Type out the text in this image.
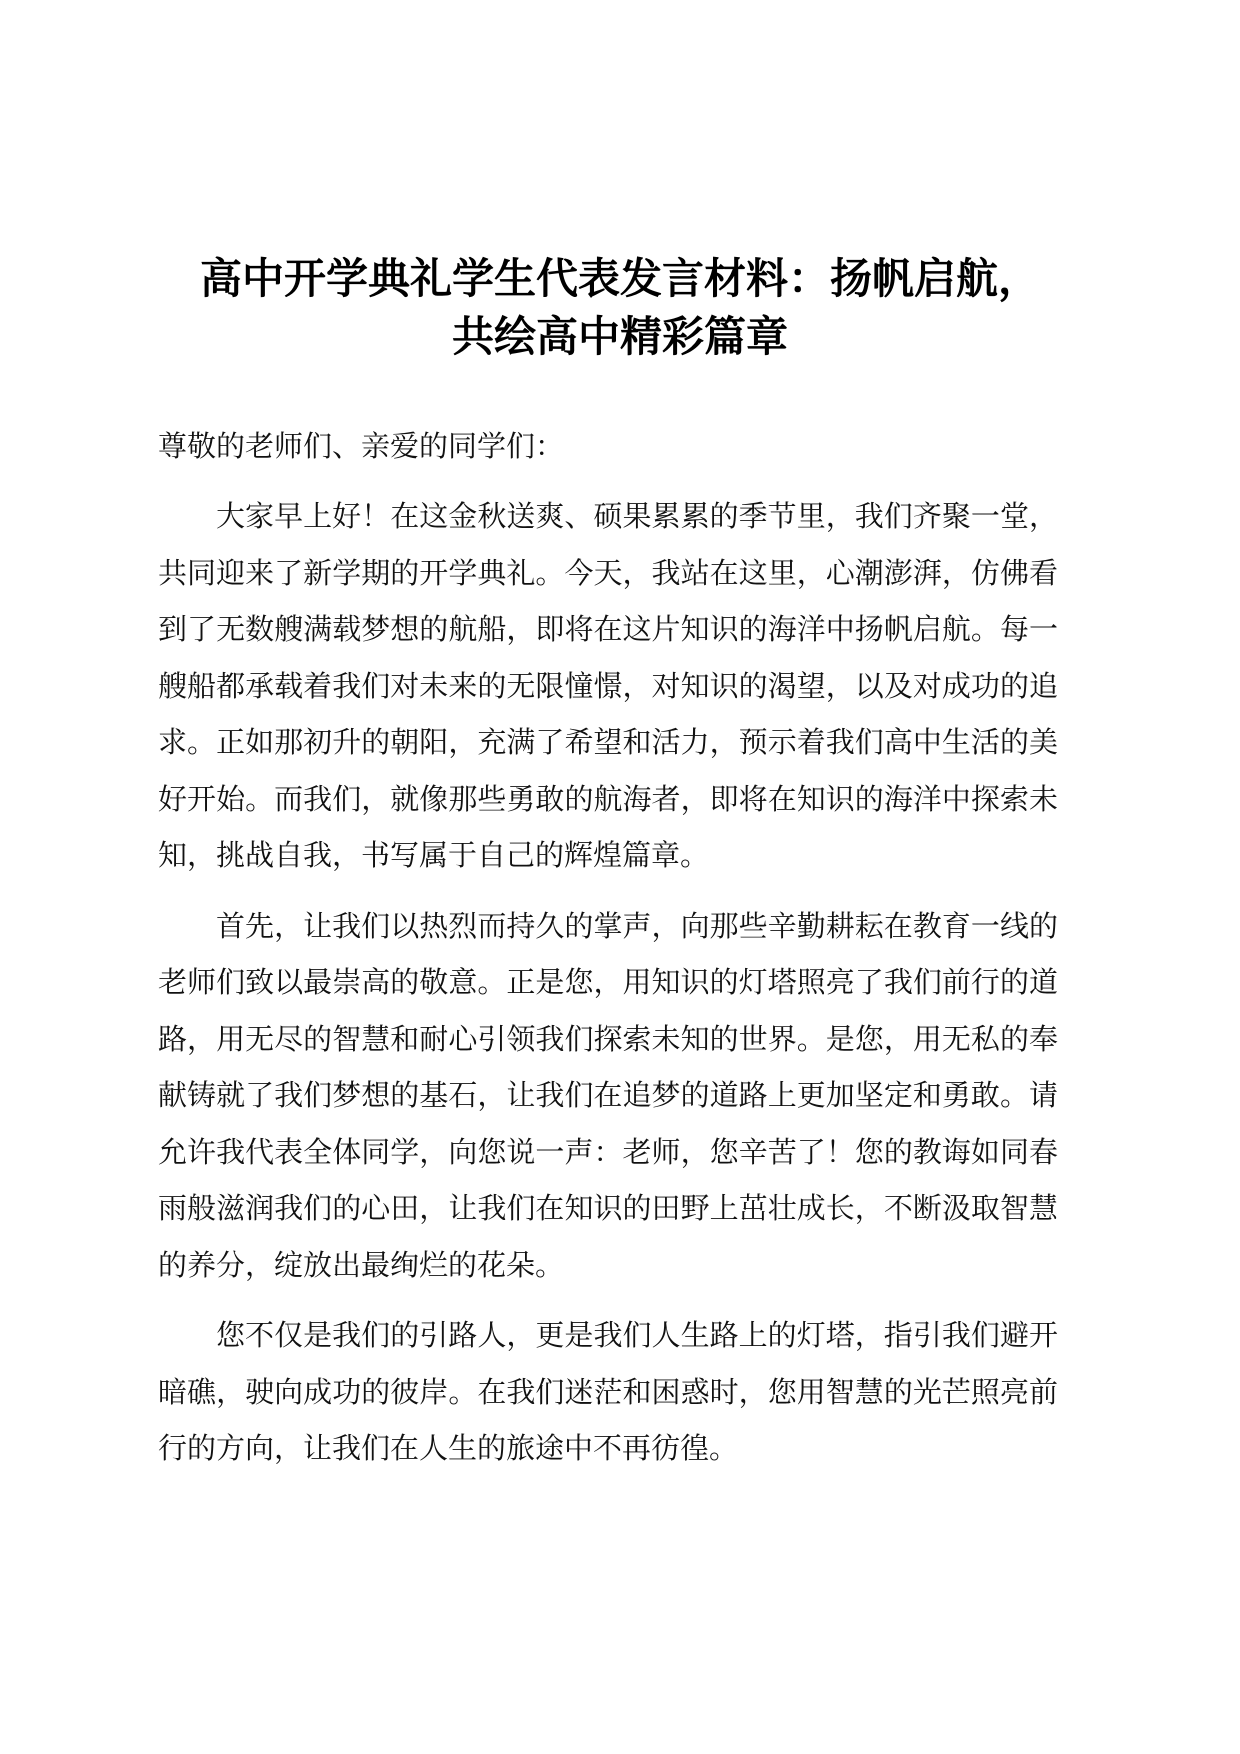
高中开学典礼学生代表发言材料：扬帆启航，
共绘高中精彩篇章

尊敬的老师们、亲爱的同学们：

大家早上好！在这金秋送爽、硕果累累的季节里，我们齐聚一堂，共同迎来了新学期的开学典礼。今天，我站在这里，心潮澎湃，仿佛看到了无数艘满载梦想的航船，即将在这片知识的海洋中扬帆启航。每一艘船都承载着我们对未来的无限憧憬，对知识的渴望，以及对成功的追求。正如那初升的朝阳，充满了希望和活力，预示着我们高中生活的美好开始。而我们，就像那些勇敢的航海者，即将在知识的海洋中探索未知，挑战自我，书写属于自己的辉煌篇章。

首先，让我们以热烈而持久的掌声，向那些辛勤耕耘在教育一线的老师们致以最崇高的敬意。正是您，用知识的灯塔照亮了我们前行的道路，用无尽的智慧和耐心引领我们探索未知的世界。是您，用无私的奉献铸就了我们梦想的基石，让我们在追梦的道路上更加坚定和勇敢。请允许我代表全体同学，向您说一声：老师，您辛苦了！您的教诲如同春雨般滋润我们的心田，让我们在知识的田野上茁壮成长，不断汲取智慧的养分，绽放出最绚烂的花朵。

您不仅是我们的引路人，更是我们人生路上的灯塔，指引我们避开暗礁，驶向成功的彼岸。在我们迷茫和困惑时，您用智慧的光芒照亮前行的方向，让我们在人生的旅途中不再彷徨。
